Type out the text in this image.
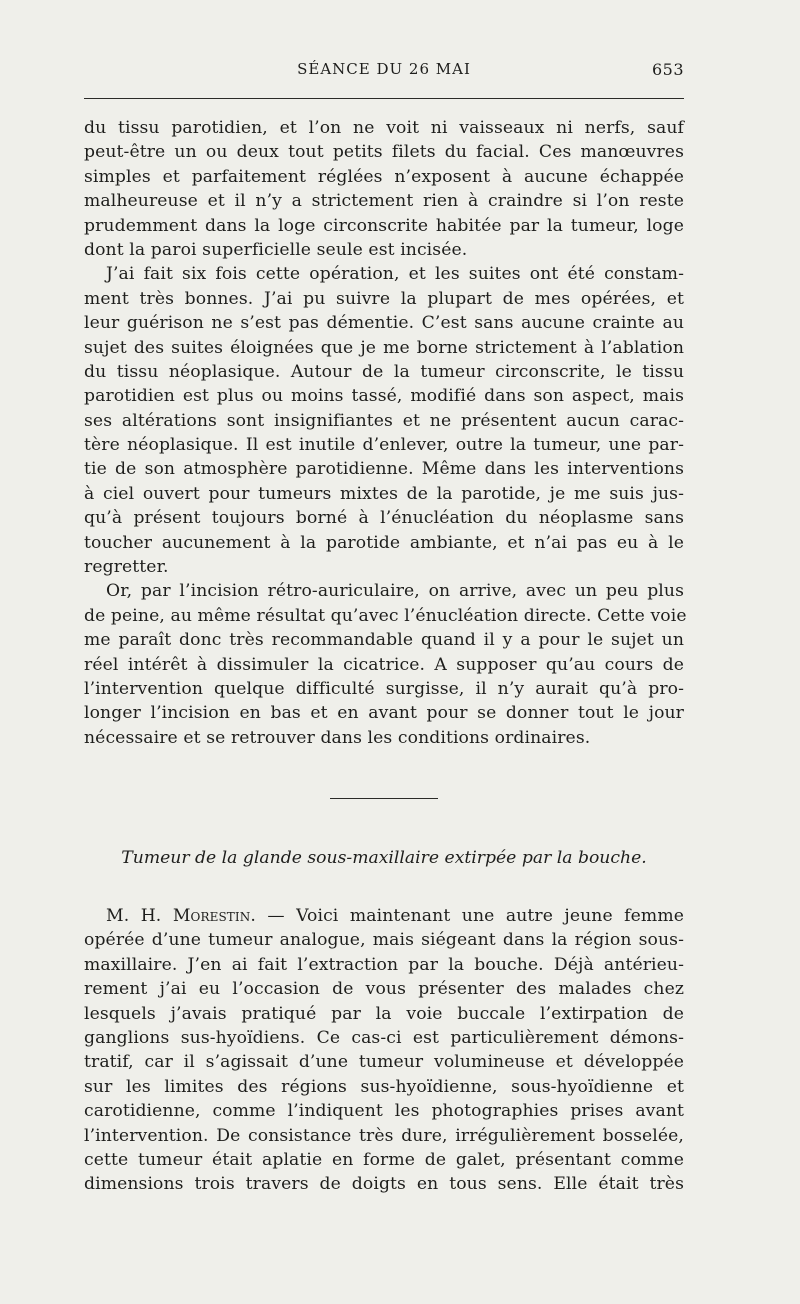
SÉANCE DU 26 MAI	653
du tissu parotidien, et l’on ne voit ni vaisseaux ni nerfs, sauf
peut-être un ou deux tout petits filets du facial. Ces manœuvres
simples et parfaitement réglées n’exposent à aucune échappée
malheureuse et il n’y a strictement rien à craindre si l’on reste
prudemment dans la loge circonscrite habitée par la tumeur, loge
dont la paroi superficielle seule est incisée.
J’ai fait six fois cette opération, et les suites ont été constam-
ment très bonnes. J’ai pu suivre la plupart de mes opérées, et
leur guérison ne s’est pas démentie. C’est sans aucune crainte au
sujet des suites éloignées que je me borne strictement à l’ablation
du tissu néoplasique. Autour de la tumeur circonscrite, le tissu
parotidien est plus ou moins tassé, modifié dans son aspect, mais
ses altérations sont insignifiantes et ne présentent aucun carac-
tère néoplasique. Il est inutile d’enlever, outre la tumeur, une par-
tie de son atmosphère parotidienne. Même dans les interventions
à ciel ouvert pour tumeurs mixtes de la parotide, je me suis jus-
qu’à présent toujours borné à l’énucléation du néoplasme sans
toucher aucunement à la parotide ambiante, et n’ai pas eu à le
regretter.
Or, par l’incision rétro-auriculaire, on arrive, avec un peu plus
de peine, au même résultat qu’avec l’énucléation directe. Cette voie
me paraît donc très recommandable quand il y a pour le sujet un
réel intérêt à dissimuler la cicatrice. A supposer qu’au cours de
l’intervention quelque difficulté surgisse, il n’y aurait qu’à pro-
longer l’incision en bas et en avant pour se donner tout le jour
nécessaire et se retrouver dans les conditions ordinaires.
Tumeur de la glande sous-maxillaire extirpée par la bouche.
M. H. Morestin. — Voici maintenant une autre jeune femme
opérée d’une tumeur analogue, mais siégeant dans la région sous-
maxillaire. J’en ai fait l’extraction par la bouche. Déjà antérieu-
rement j’ai eu l’occasion de vous présenter des malades chez
lesquels j’avais pratiqué par la voie buccale l’extirpation de
ganglions sus-hyoïdiens. Ce cas-ci est particulièrement démons-
tratif, car il s’agissait d’une tumeur volumineuse et développée
sur les limites des régions sus-hyoïdienne, sous-hyoïdienne et
carotidienne, comme l’indiquent les photographies prises avant
l’intervention. De consistance très dure, irrégulièrement bosselée,
cette tumeur était aplatie en forme de galet, présentant comme
dimensions trois travers de doigts en tous sens. Elle était très
